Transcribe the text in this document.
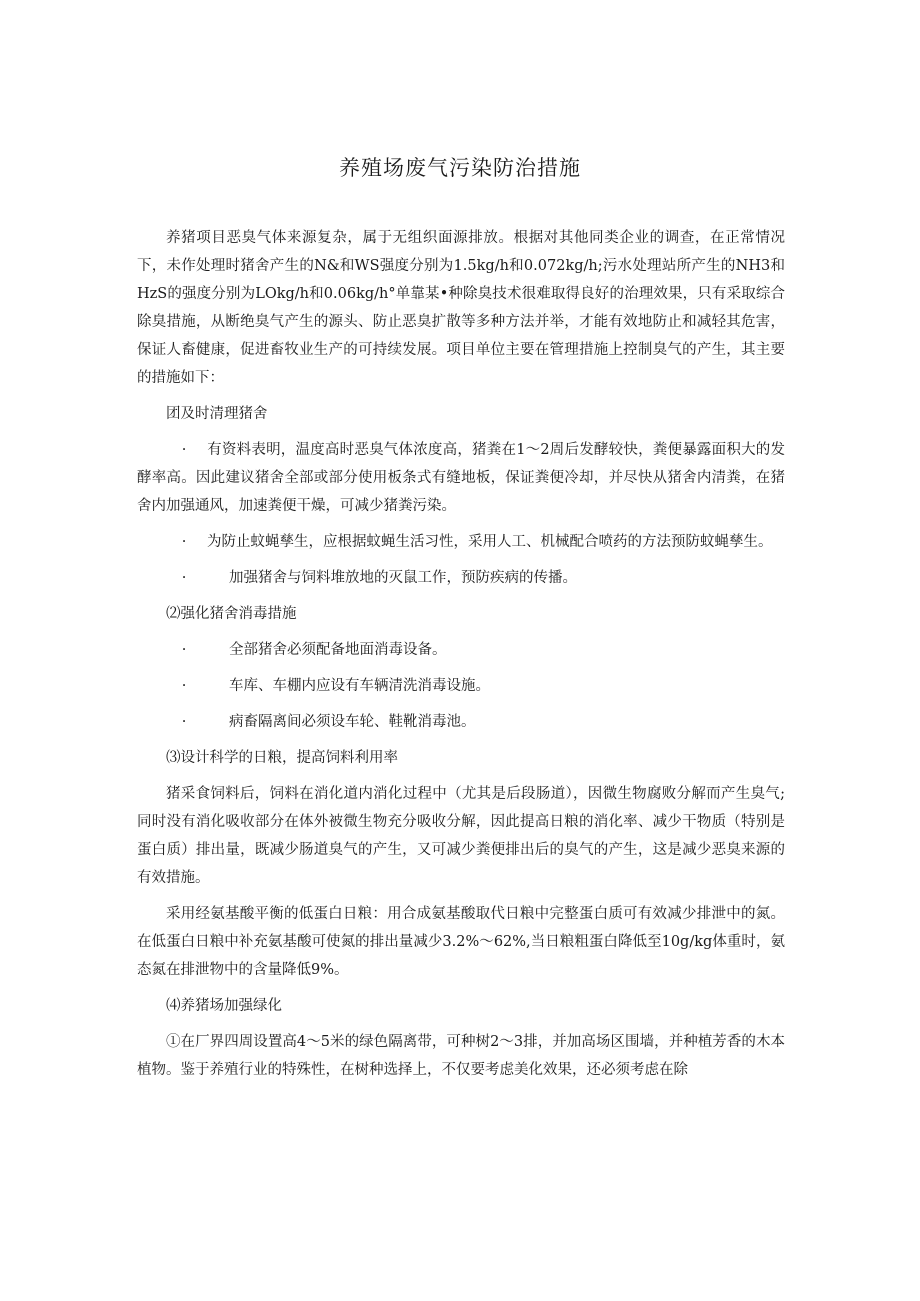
养殖场废气污染防治措施

养猪项目恶臭气体来源复杂，属于无组织面源排放。根据对其他同类企业的调查，在正常情况下，未作处理时猪舍产生的N&和WS强度分别为1.5kg∕h和0.072kg∕h;污水处理站所产生的NH3和HzS的强度分别为LOkg/h和0.06kg∕h°单靠某•种除臭技术很难取得良好的治理效果，只有采取综合除臭措施，从断绝臭气产生的源头、防止恶臭扩散等多种方法并举，才能有效地防止和减轻其危害，保证人畜健康，促进畜牧业生产的可持续发展。项目单位主要在管理措施上控制臭气的产生，其主要的措施如下：

团及时清理猪舍

· 有资料表明，温度高时恶臭气体浓度高，猪粪在1～2周后发酵较快，粪便暴露面积大的发酵率高。因此建议猪舍全部或部分使用板条式有缝地板，保证粪便冷却，并尽快从猪舍内清粪，在猪舍内加强通风，加速粪便干燥，可减少猪粪污染。

· 为防止蚊蝇孳生，应根据蚊蝇生活习性，采用人工、机械配合喷药的方法预防蚊蝇孳生。

·	加强猪舍与饲料堆放地的灭鼠工作，预防疾病的传播。

⑵强化猪舍消毒措施

·	全部猪舍必须配备地面消毒设备。

·	车库、车棚内应设有车辆清洗消毒设施。

·	病畜隔离间必须设车轮、鞋靴消毒池。

⑶设计科学的日粮，提高饲料利用率

猪采食饲料后，饲料在消化道内消化过程中（尤其是后段肠道），因微生物腐败分解而产生臭气;同时没有消化吸收部分在体外被微生物充分吸收分解，因此提高日粮的消化率、减少干物质（特别是蛋白质）排出量，既减少肠道臭气的产生，又可减少粪便排出后的臭气的产生，这是减少恶臭来源的有效措施。

采用经氨基酸平衡的低蛋白日粮：用合成氨基酸取代日粮中完整蛋白质可有效减少排泄中的氮。在低蛋白日粮中补充氨基酸可使氮的排出量减少3.2%～62%,当日粮粗蛋白降低至10g∕kg体重时，氨态氮在排泄物中的含量降低9%。

⑷养猪场加强绿化

①在厂界四周设置高4～5米的绿色隔离带，可种树2～3排，并加高场区围墙，并种植芳香的木本植物。鉴于养殖行业的特殊性，在树种选择上，不仅要考虑美化效果，还必须考虑在除
